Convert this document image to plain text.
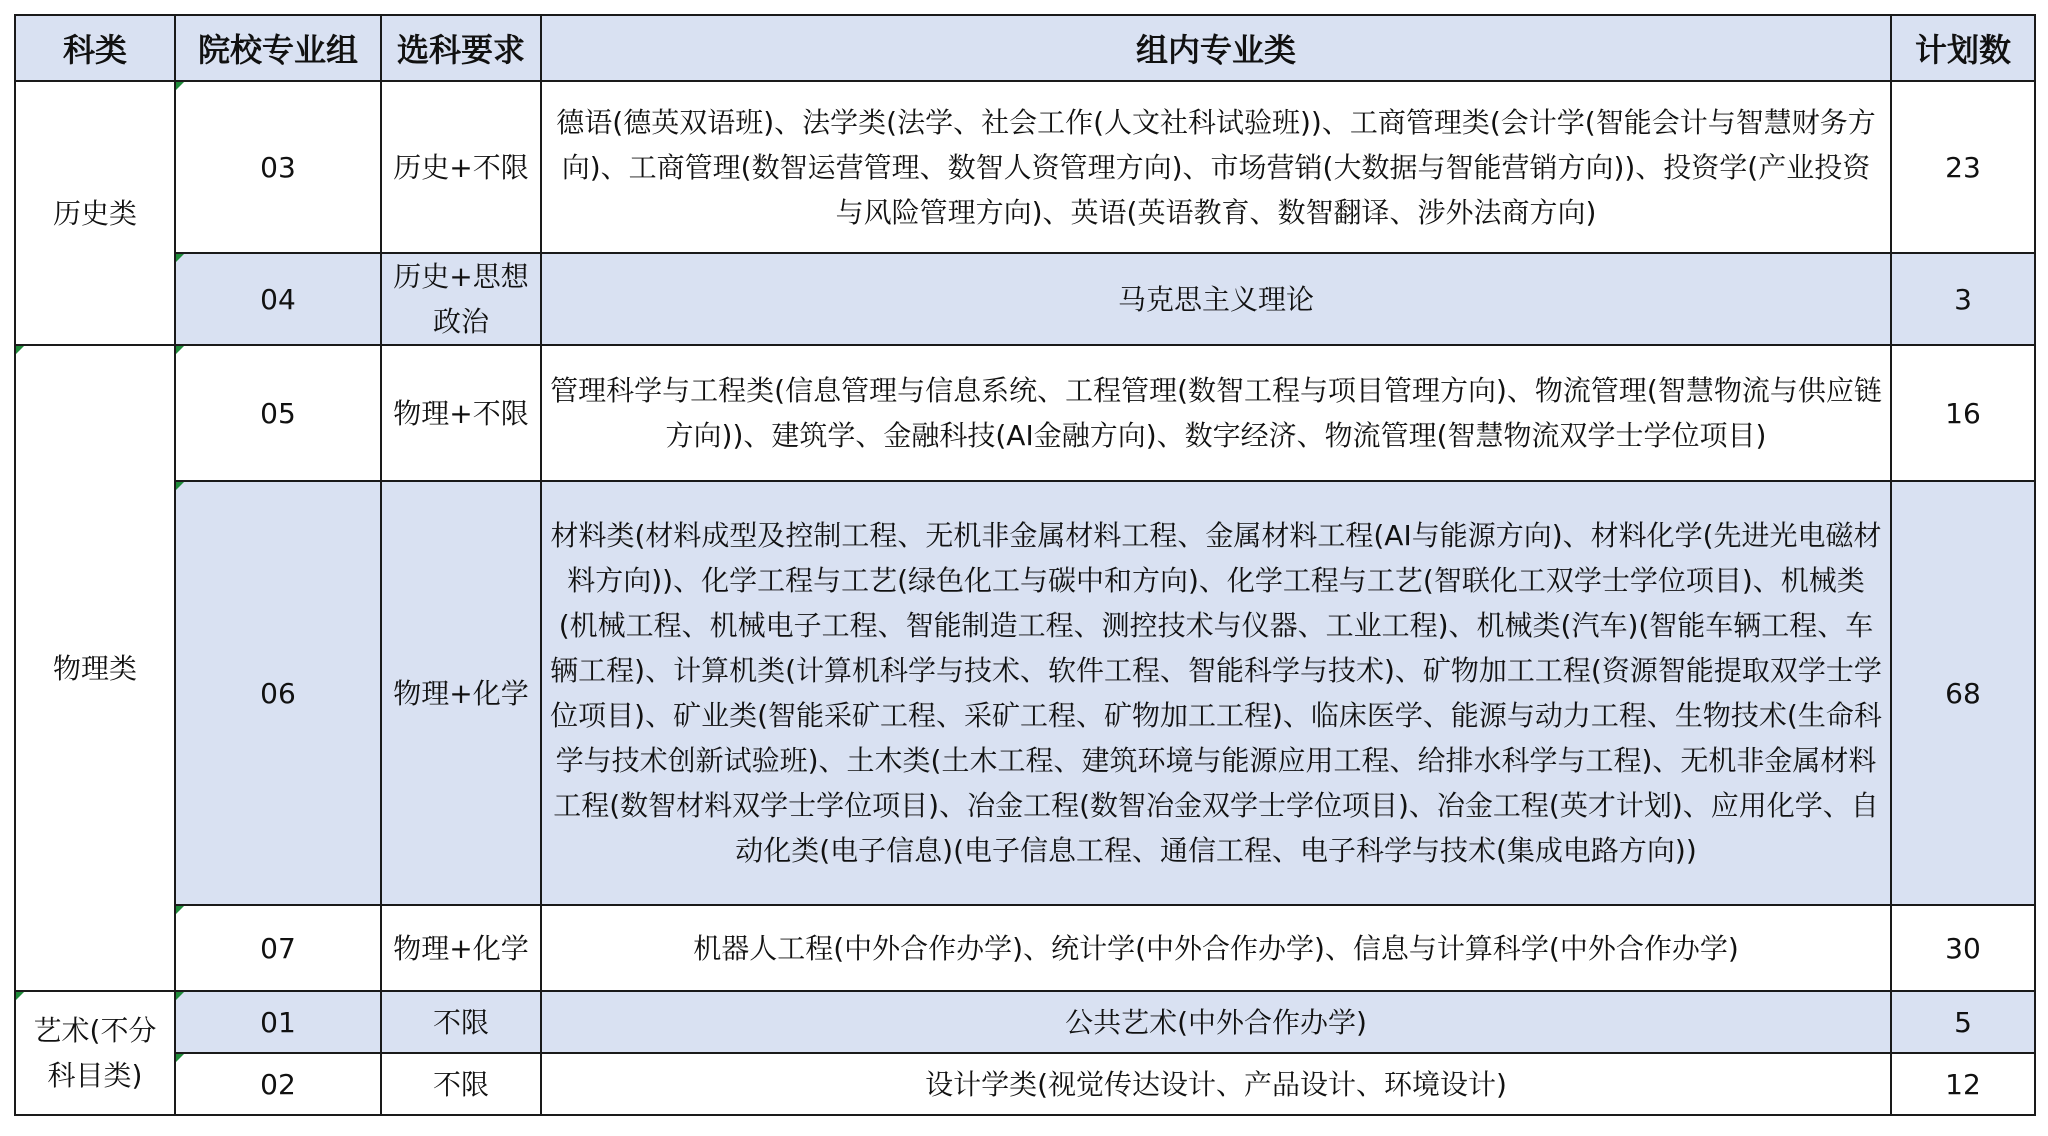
科类	院校专业组	选科要求	组内专业类	计划数
历史类	03	历史+不限	德语(德英双语班)、法学类(法学、社会工作(人文社科试验班))、工商管理类(会计学(智能会计与智慧财务方向)、工商管理(数智运营管理、数智人资管理方向)、市场营销(大数据与智能营销方向))、投资学(产业投资与风险管理方向)、英语(英语教育、数智翻译、涉外法商方向)	23
	04	历史+思想政治	马克思主义理论	3
物理类	05	物理+不限	管理科学与工程类(信息管理与信息系统、工程管理(数智工程与项目管理方向)、物流管理(智慧物流与供应链方向))、建筑学、金融科技(AI金融方向)、数字经济、物流管理(智慧物流双学士学位项目)	16
	06	物理+化学	材料类(材料成型及控制工程、无机非金属材料工程、金属材料工程(AI与能源方向)、材料化学(先进光电磁材料方向))、化学工程与工艺(绿色化工与碳中和方向)、化学工程与工艺(智联化工双学士学位项目)、机械类(机械工程、机械电子工程、智能制造工程、测控技术与仪器、工业工程)、机械类(汽车)(智能车辆工程、车辆工程)、计算机类(计算机科学与技术、软件工程、智能科学与技术)、矿物加工工程(资源智能提取双学士学位项目)、矿业类(智能采矿工程、采矿工程、矿物加工工程)、临床医学、能源与动力工程、生物技术(生命科学与技术创新试验班)、土木类(土木工程、建筑环境与能源应用工程、给排水科学与工程)、无机非金属材料工程(数智材料双学士学位项目)、冶金工程(数智冶金双学士学位项目)、冶金工程(英才计划)、应用化学、自动化类(电子信息)(电子信息工程、通信工程、电子科学与技术(集成电路方向))	68
	07	物理+化学	机器人工程(中外合作办学)、统计学(中外合作办学)、信息与计算科学(中外合作办学)	30
艺术(不分科目类)	01	不限	公共艺术(中外合作办学)	5
	02	不限	设计学类(视觉传达设计、产品设计、环境设计)	12
